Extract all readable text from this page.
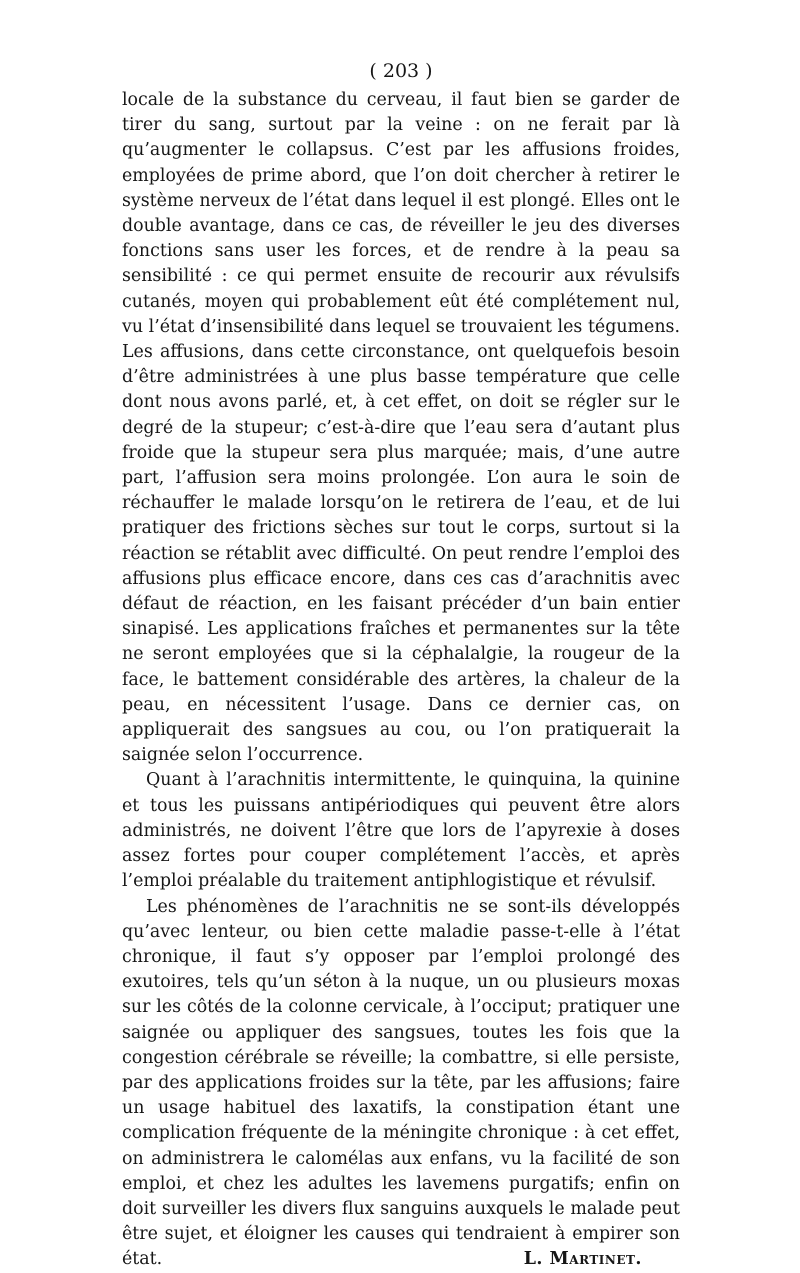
( 203 )

locale de la substance du cerveau, il faut bien se garder de tirer du sang, surtout par la veine : on ne ferait par là qu’augmenter le collapsus. C’est par les affusions froides, employées de prime abord, que l’on doit chercher à retirer le système nerveux de l’état dans lequel il est plongé. Elles ont le double avantage, dans ce cas, de réveiller le jeu des diverses fonctions sans user les forces, et de rendre à la peau sa sensibilité : ce qui permet ensuite de recourir aux révulsifs cutanés, moyen qui probablement eût été complétement nul, vu l’état d’insensibilité dans lequel se trouvaient les tégumens. Les affusions, dans cette circonstance, ont quelquefois besoin d’être administrées à une plus basse température que celle dont nous avons parlé, et, à cet effet, on doit se régler sur le degré de la stupeur; c’est-à-dire que l’eau sera d’autant plus froide que la stupeur sera plus marquée; mais, d’une autre part, l’affusion sera moins prolongée. L’on aura le soin de réchauffer le malade lorsqu’on le retirera de l’eau, et de lui pratiquer des frictions sèches sur tout le corps, surtout si la réaction se rétablit avec difficulté. On peut rendre l’emploi des affusions plus efficace encore, dans ces cas d’arachnitis avec défaut de réaction, en les faisant précéder d’un bain entier sinapisé. Les applications fraîches et permanentes sur la tête ne seront employées que si la céphalalgie, la rougeur de la face, le battement considérable des artères, la chaleur de la peau, en nécessitent l’usage. Dans ce dernier cas, on appliquerait des sangsues au cou, ou l’on pratiquerait la saignée selon l’occurrence.

Quant à l’arachnitis intermittente, le quinquina, la quinine et tous les puissans antipériodiques qui peuvent être alors administrés, ne doivent l’être que lors de l’apyrexie à doses assez fortes pour couper complétement l’accès, et après l’emploi préalable du traitement antiphlogistique et révulsif.

Les phénomènes de l’arachnitis ne se sont-ils développés qu’avec lenteur, ou bien cette maladie passe-t-elle à l’état chronique, il faut s’y opposer par l’emploi prolongé des exutoires, tels qu’un séton à la nuque, un ou plusieurs moxas sur les côtés de la colonne cervicale, à l’occiput; pratiquer une saignée ou appliquer des sangsues, toutes les fois que la congestion cérébrale se réveille; la combattre, si elle persiste, par des applications froides sur la tête, par les affusions; faire un usage habituel des laxatifs, la constipation étant une complication fréquente de la méningite chronique : à cet effet, on administrera le calomélas aux enfans, vu la facilité de son emploi, et chez les adultes les lavemens purgatifs; enfin on doit surveiller les divers flux sanguins auxquels le malade peut être sujet, et éloigner les causes qui tendraient à empirer son état.	L. Martinet.
